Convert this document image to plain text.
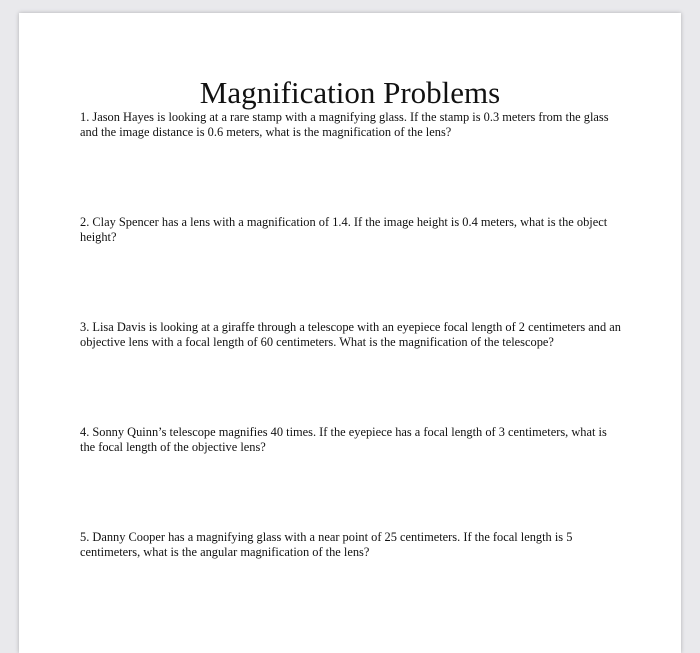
Magnification Problems

1. Jason Hayes is looking at a rare stamp with a magnifying glass. If the stamp is 0.3 meters from the glass and the image distance is 0.6 meters, what is the magnification of the lens?

2. Clay Spencer has a lens with a magnification of 1.4. If the image height is 0.4 meters, what is the object height?

3. Lisa Davis is looking at a giraffe through a telescope with an eyepiece focal length of 2 centimeters and an objective lens with a focal length of 60 centimeters. What is the magnification of the telescope?

4. Sonny Quinn’s telescope magnifies 40 times. If the eyepiece has a focal length of 3 centimeters, what is the focal length of the objective lens?

5. Danny Cooper has a magnifying glass with a near point of 25 centimeters. If the focal length is 5 centimeters, what is the angular magnification of the lens?
